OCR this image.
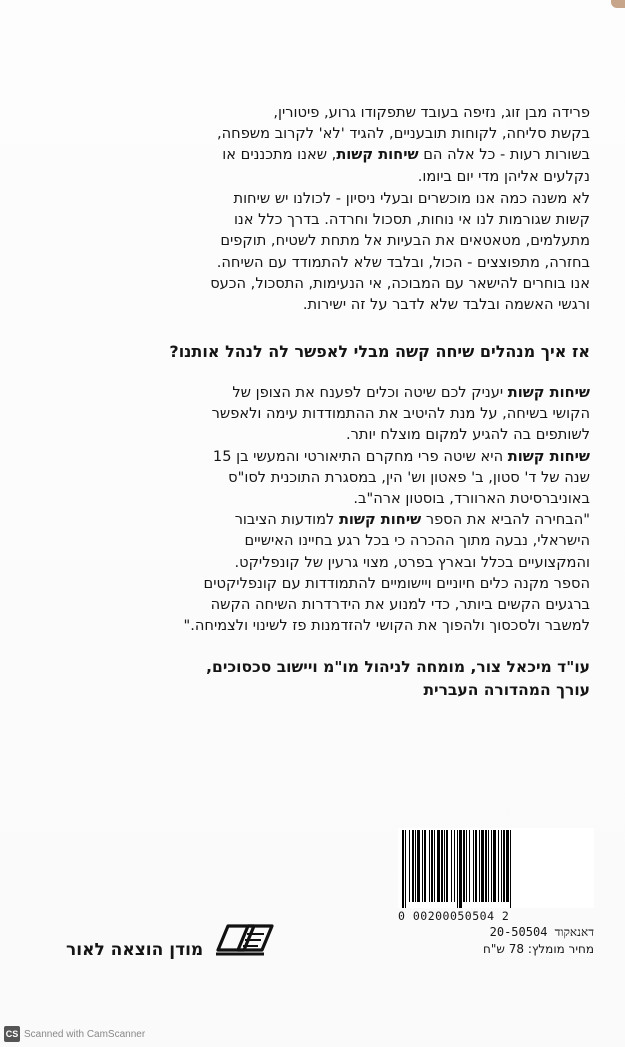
פרידה מבן זוג, נזיפה בעובד שתפקודו גרוע, פיטורין,
בקשת סליחה, לקוחות תובעניים, להגיד 'לא' לקרוב משפחה,
בשורות רעות - כל אלה הם שיחות קשות, שאנו מתכננים או
נקלעים אליהן מדי יום ביומו.
לא משנה כמה אנו מוכשרים ובעלי ניסיון - לכולנו יש שיחות
קשות שגורמות לנו אי נוחות, תסכול וחרדה. בדרך כלל אנו
מתעלמים, מטאטאים את הבעיות אל מתחת לשטיח, תוקפים
בחזרה, מתפוצצים - הכול, ובלבד שלא להתמודד עם השיחה.
אנו בוחרים להישאר עם המבוכה, אי הנעימות, התסכול, הכעס
ורגשי האשמה ובלבד שלא לדבר על זה ישירות.
אז איך מנהלים שיחה קשה מבלי לאפשר לה לנהל אותנו?
שיחות קשות יעניק לכם שיטה וכלים לפענח את הצופן של
הקושי בשיחה, על מנת להיטיב את ההתמודדות עימה ולאפשר
לשותפים בה להגיע למקום מוצלח יותר.
שיחות קשות היא שיטה פרי מחקרם התיאורטי והמעשי בן 15
שנה של ד' סטון, ב' פאטון וש' הין, במסגרת התוכנית לסו"ס
באוניברסיטת הארוורד, בוסטון ארה"ב.
"הבחירה להביא את הספר שיחות קשות למודעות הציבור
הישראלי, נבעה מתוך ההכרה כי בכל רגע בחיינו האישיים
והמקצועיים בכלל ובארץ בפרט, מצוי גרעין של קונפליקט.
הספר מקנה כלים חיוניים ויישומיים להתמודדות עם קונפליקטים
ברגעים הקשים ביותר, כדי למנוע את הידרדרות השיחה הקשה
למשבר ולסכסוך ולהפוך את הקושי להזדמנות פז לשינוי ולצמיחה."
עו"ד מיכאל צור, מומחה לניהול מו"מ ויישוב סכסוכים,
עורך המהדורה העברית
0 00200050504 2
דאנאקוד 20-50504
מחיר מומלץ: 78 ש"ח
מודן הוצאה לאור
CS Scanned with CamScanner
